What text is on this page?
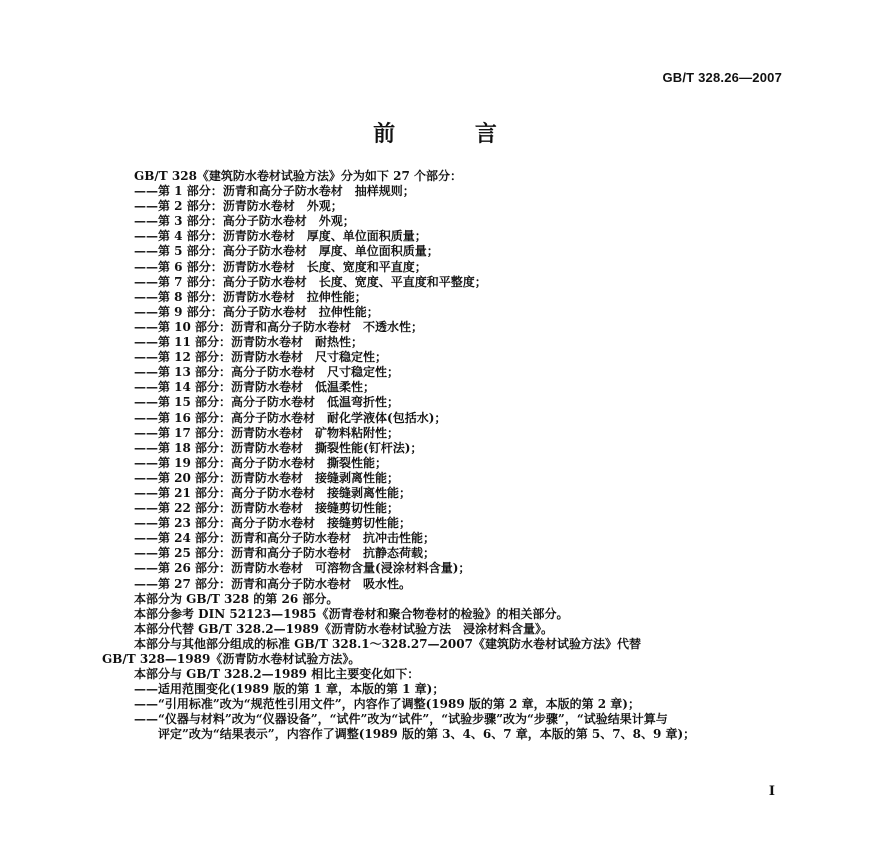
GB/T 328.26—2007
前 言
GB/T 328《建筑防水卷材试验方法》分为如下 27 个部分：
——第 1 部分：沥青和高分子防水卷材　抽样规则；
——第 2 部分：沥青防水卷材　外观；
——第 3 部分：高分子防水卷材　外观；
——第 4 部分：沥青防水卷材　厚度、单位面积质量；
——第 5 部分：高分子防水卷材　厚度、单位面积质量；
——第 6 部分：沥青防水卷材　长度、宽度和平直度；
——第 7 部分：高分子防水卷材　长度、宽度、平直度和平整度；
——第 8 部分：沥青防水卷材　拉伸性能；
——第 9 部分：高分子防水卷材　拉伸性能；
——第 10 部分：沥青和高分子防水卷材　不透水性；
——第 11 部分：沥青防水卷材　耐热性；
——第 12 部分：沥青防水卷材　尺寸稳定性；
——第 13 部分：高分子防水卷材　尺寸稳定性；
——第 14 部分：沥青防水卷材　低温柔性；
——第 15 部分：高分子防水卷材　低温弯折性；
——第 16 部分：高分子防水卷材　耐化学液体(包括水)；
——第 17 部分：沥青防水卷材　矿物料粘附性；
——第 18 部分：沥青防水卷材　撕裂性能(钉杆法)；
——第 19 部分：高分子防水卷材　撕裂性能；
——第 20 部分：沥青防水卷材　接缝剥离性能；
——第 21 部分：高分子防水卷材　接缝剥离性能；
——第 22 部分：沥青防水卷材　接缝剪切性能；
——第 23 部分：高分子防水卷材　接缝剪切性能；
——第 24 部分：沥青和高分子防水卷材　抗冲击性能；
——第 25 部分：沥青和高分子防水卷材　抗静态荷载；
——第 26 部分：沥青防水卷材　可溶物含量(浸涂材料含量)；
——第 27 部分：沥青和高分子防水卷材　吸水性。
本部分为 GB/T 328 的第 26 部分。
本部分参考 DIN 52123—1985《沥青卷材和聚合物卷材的检验》的相关部分。
本部分代替 GB/T 328.2—1989《沥青防水卷材试验方法　浸涂材料含量》。
本部分与其他部分组成的标准 GB/T 328.1～328.27—2007《建筑防水卷材试验方法》代替
GB/T 328—1989《沥青防水卷材试验方法》。
本部分与 GB/T 328.2—1989 相比主要变化如下：
——适用范围变化(1989 版的第 1 章，本版的第 1 章)；
——“引用标准”改为“规范性引用文件”，内容作了调整(1989 版的第 2 章，本版的第 2 章)；
——“仪器与材料”改为“仪器设备”，“试件”改为“试件”，“试验步骤”改为“步骤”，“试验结果计算与
评定”改为“结果表示”，内容作了调整(1989 版的第 3、4、6、7 章，本版的第 5、7、8、9 章)；
I
